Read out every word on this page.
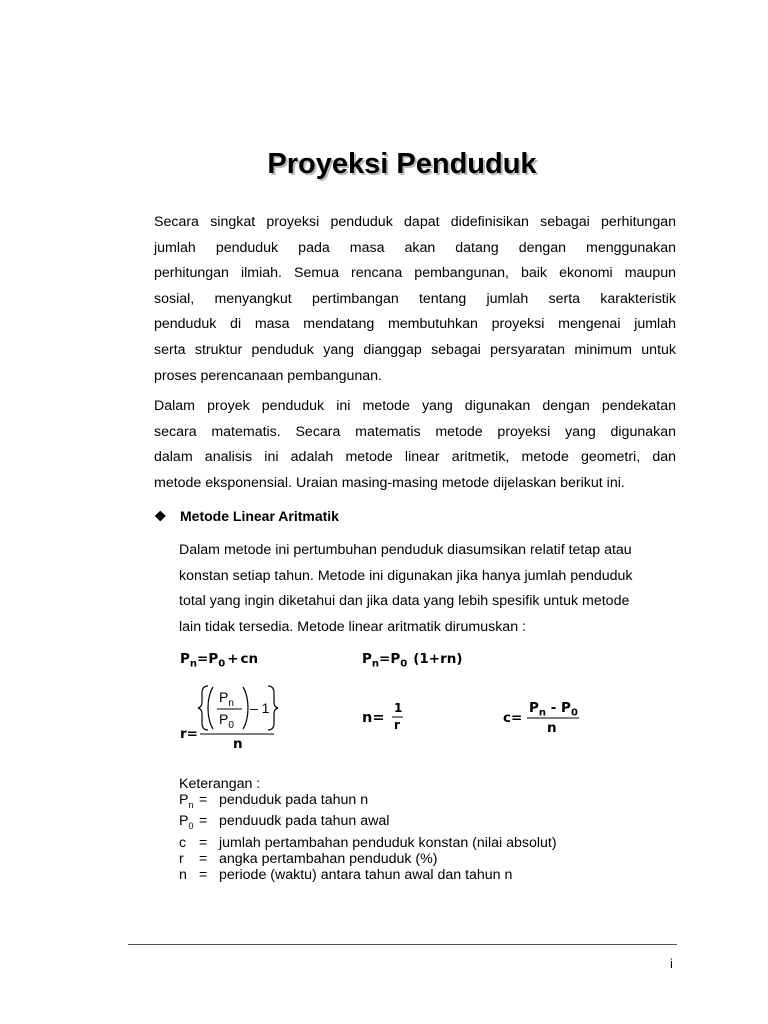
Proyeksi Penduduk
Secara singkat proyeksi penduduk dapat didefinisikan sebagai perhitungan
jumlah penduduk pada masa akan datang dengan menggunakan
perhitungan ilmiah. Semua rencana pembangunan, baik ekonomi maupun
sosial, menyangkut pertimbangan tentang jumlah serta karakteristik
penduduk di masa mendatang membutuhkan proyeksi mengenai jumlah
serta struktur penduduk yang dianggap sebagai persyaratan minimum untuk
proses perencanaan pembangunan.
Dalam proyek penduduk ini metode yang digunakan dengan pendekatan
secara matematis. Secara matematis metode proyeksi yang digunakan
dalam analisis ini adalah metode linear aritmetik, metode geometri, dan
metode eksponensial. Uraian masing-masing metode dijelaskan berikut ini.
❖ Metode Linear Aritmatik
Dalam metode ini pertumbuhan penduduk diasumsikan relatif tetap atau
konstan setiap tahun. Metode ini digunakan jika hanya jumlah penduduk
total yang ingin diketahui dan jika data yang lebih spesifik untuk metode
lain tidak tersedia. Metode linear aritmatik dirumuskan :
$P_n=P_0$ + cn	$P_n=P_0$ (1+rn)
$P_n$
$P_0$
– 1
r=
n
n=
1
r	c=
$P_n - P_0$
n
Keterangan :
$P_n$ = penduduk pada tahun n
$P_0$ = penduudk pada tahun awal
c = jumlah pertambahan penduduk konstan (nilai absolut)
r	= angka pertambahan penduduk (%)
n = periode (waktu) antara tahun awal dan tahun n
i
